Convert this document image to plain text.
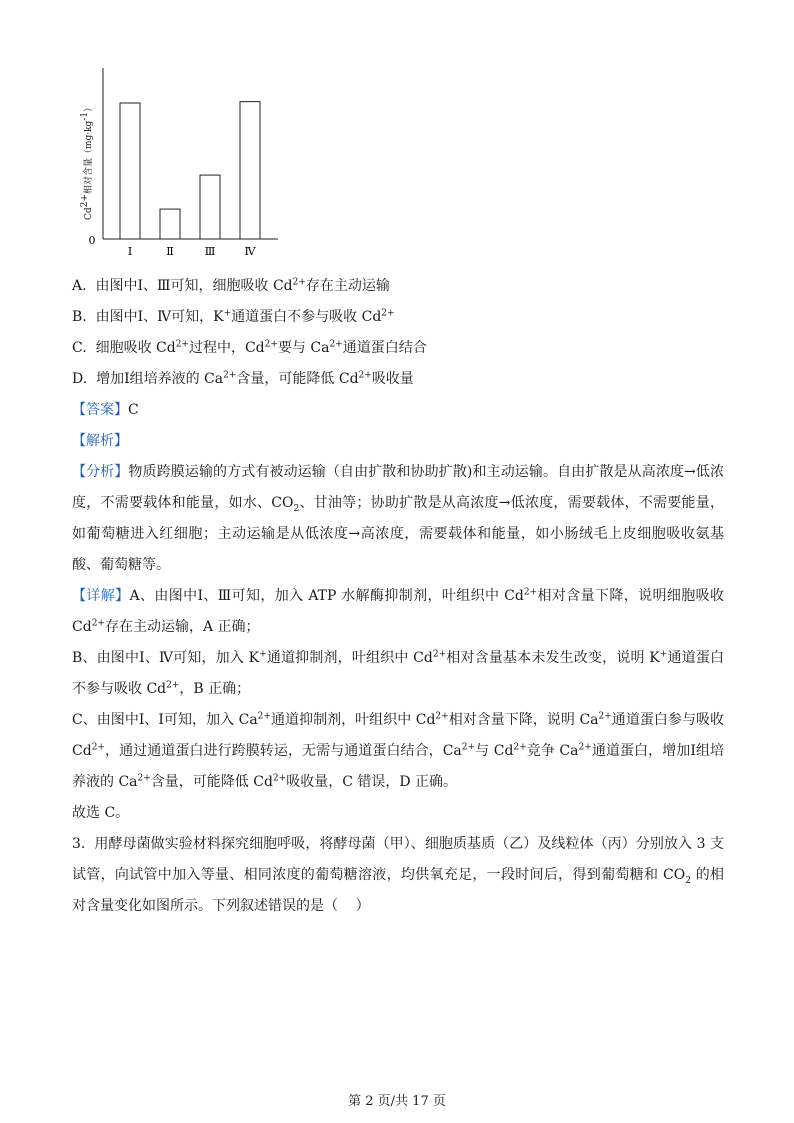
0
Ⅰ	Ⅱ	Ⅲ	Ⅳ
$Cd^{2+}$相对含量$(mg\cdot kg^{-1})$
A.  由图中Ⅰ、Ⅲ可知，细胞吸收 $Cd^{2+}$存在主动运输
B.  由图中Ⅰ、Ⅳ可知，K+通道蛋白不参与吸收 $Cd^{2+}$
C.  细胞吸收 $Cd^{2+}$过程中，$Cd^{2+}$要与 $Ca^{2+}$通道蛋白结合
D.  增加Ⅰ组培养液的 $Ca^{2+}$含量，可能降低 $Cd^{2+}$吸收量
【答案】C
【解析】
【分析】物质跨膜运输的方式有被动运输（自由扩散和协助扩散)和主动运输。自由扩散是从高浓度→低浓度，不需要载体和能量，如水、$CO_2$、甘油等；协助扩散是从高浓度→低浓度，需要载体，不需要能量，如葡萄糖进入红细胞；主动运输是从低浓度→高浓度，需要载体和能量，如小肠绒毛上皮细胞吸收氨基酸、葡萄糖等。
【详解】A、由图中Ⅰ、Ⅲ可知，加入 ATP 水解酶抑制剂，叶组织中 $Cd^{2+}$相对含量下降，说明细胞吸收 $Cd^{2+}$存在主动运输，A 正确；
B、由图中Ⅰ、Ⅳ可知，加入 K+通道抑制剂，叶组织中 $Cd^{2+}$相对含量基本未发生改变，说明 K+通道蛋白不参与吸收 $Cd^{2+}$，B 正确；
C、由图中Ⅰ、Ⅰ可知，加入 $Ca^{2+}$通道抑制剂，叶组织中 $Cd^{2+}$相对含量下降，说明 $Ca^{2+}$通道蛋白参与吸收 $Cd^{2+}$，通过通道蛋白进行跨膜转运，无需与通道蛋白结合，$Ca^{2+}$与 $Cd^{2+}$竞争 $Ca^{2+}$通道蛋白，增加Ⅰ组培养液的 $Ca^{2+}$含量，可能降低 $Cd^{2+}$吸收量，C 错误，D 正确。
故选 C。
3.  用酵母菌做实验材料探究细胞呼吸，将酵母菌（甲）、细胞质基质（乙）及线粒体（丙）分别放入 3 支试管，向试管中加入等量、相同浓度的葡萄糖溶液，均供氧充足，一段时间后，得到葡萄糖和 $CO_2$ 的相对含量变化如图所示。下列叙述错误的是（    ）
第 2 页/共 17 页
